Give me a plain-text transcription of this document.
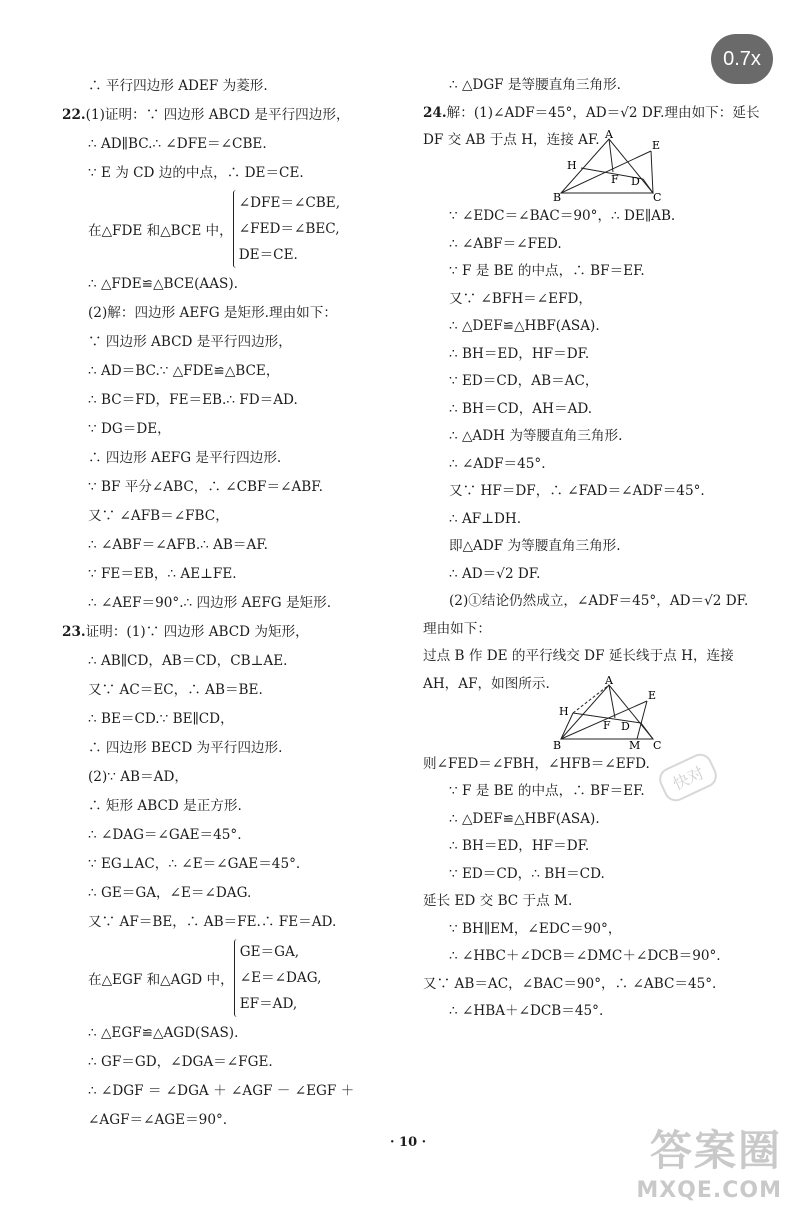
0.7x
∴ 平行四边形 ADEF 为菱形.
22.(1)证明：∵ 四边形 ABCD 是平行四边形，
∴ AD∥BC.∴ ∠DFE＝∠CBE.
∵ E 为 CD 边的中点，∴ DE＝CE.
在△FDE 和△BCE 中，
∠DFE＝∠CBE,
∠FED＝∠BEC,
DE＝CE.
∴ △FDE≌△BCE(AAS).
(2)解：四边形 AEFG 是矩形.理由如下：
∵ 四边形 ABCD 是平行四边形，
∴ AD＝BC.∵ △FDE≌△BCE，
∴ BC＝FD，FE＝EB.∴ FD＝AD.
∵ DG＝DE，
∴ 四边形 AEFG 是平行四边形.
∵ BF 平分∠ABC，∴ ∠CBF＝∠ABF.
又∵ ∠AFB＝∠FBC，
∴ ∠ABF＝∠AFB.∴ AB＝AF.
∵ FE＝EB，∴ AE⊥FE.
∴ ∠AEF＝90°.∴ 四边形 AEFG 是矩形.
23.证明：(1)∵ 四边形 ABCD 为矩形，
∴ AB∥CD，AB＝CD，CB⊥AE.
又∵ AC＝EC，∴ AB＝BE.
∴ BE＝CD.∵ BE∥CD，
∴ 四边形 BECD 为平行四边形.
(2)∵ AB＝AD，
∴ 矩形 ABCD 是正方形.
∴ ∠DAG＝∠GAE＝45°.
∵ EG⊥AC，∴ ∠E＝∠GAE＝45°.
∴ GE＝GA，∠E＝∠DAG.
又∵ AF＝BE，∴ AB＝FE.∴ FE＝AD.
在△EGF 和△AGD 中，
GE＝GA,
∠E＝∠DAG,
EF＝AD,
∴ △EGF≌△AGD(SAS).
∴ GF＝GD，∠DGA＝∠FGE.
∴ ∠DGF ＝ ∠DGA ＋ ∠AGF － ∠EGF ＋
∠AGF＝∠AGE＝90°.
∴ △DGF 是等腰直角三角形.
24.解：(1)∠ADF＝45°，AD＝√2 DF.理由如下：延长 DF 交 AB 于点 H，连接 AF. A
E
H
F D
B	C
∵ ∠EDC＝∠BAC＝90°，∴ DE∥AB.
∴ ∠ABF＝∠FED.
∵ F 是 BE 的中点，∴ BF＝EF.
又∵ ∠BFH＝∠EFD，
∴ △DEF≌△HBF(ASA).
∴ BH＝ED，HF＝DF.
∵ ED＝CD，AB＝AC，
∴ BH＝CD，AH＝AD.
∴ △ADH 为等腰直角三角形.
∴ ∠ADF＝45°.
又∵ HF＝DF，∴ ∠FAD＝∠ADF＝45°.
∴ AF⊥DH.
即△ADF 为等腰直角三角形.
∴ AD＝√2 DF.
(2)①结论仍然成立，∠ADF＝45°，AD＝√2 DF.
理由如下：
过点 B 作 DE 的平行线交 DF 延长线于点 H，连接 AH，AF，如图所示.	A
E
H
F D
M
B	C
则∠FED＝∠FBH，∠HFB＝∠EFD.
∵ F 是 BE 的中点，∴ BF＝EF.
∴ △DEF≌△HBF(ASA).
∴ BH＝ED，HF＝DF.
∵ ED＝CD，∴ BH＝CD.
延长 ED 交 BC 于点 M.
∵ BH∥EM，∠EDC＝90°，
∴ ∠HBC＋∠DCB＝∠DMC＋∠DCB＝90°.
又∵ AB＝AC，∠BAC＝90°，∴ ∠ABC＝45°.
∴ ∠HBA＋∠DCB＝45°.
快对
· 10 ·	答案圈
MXQE.COM
